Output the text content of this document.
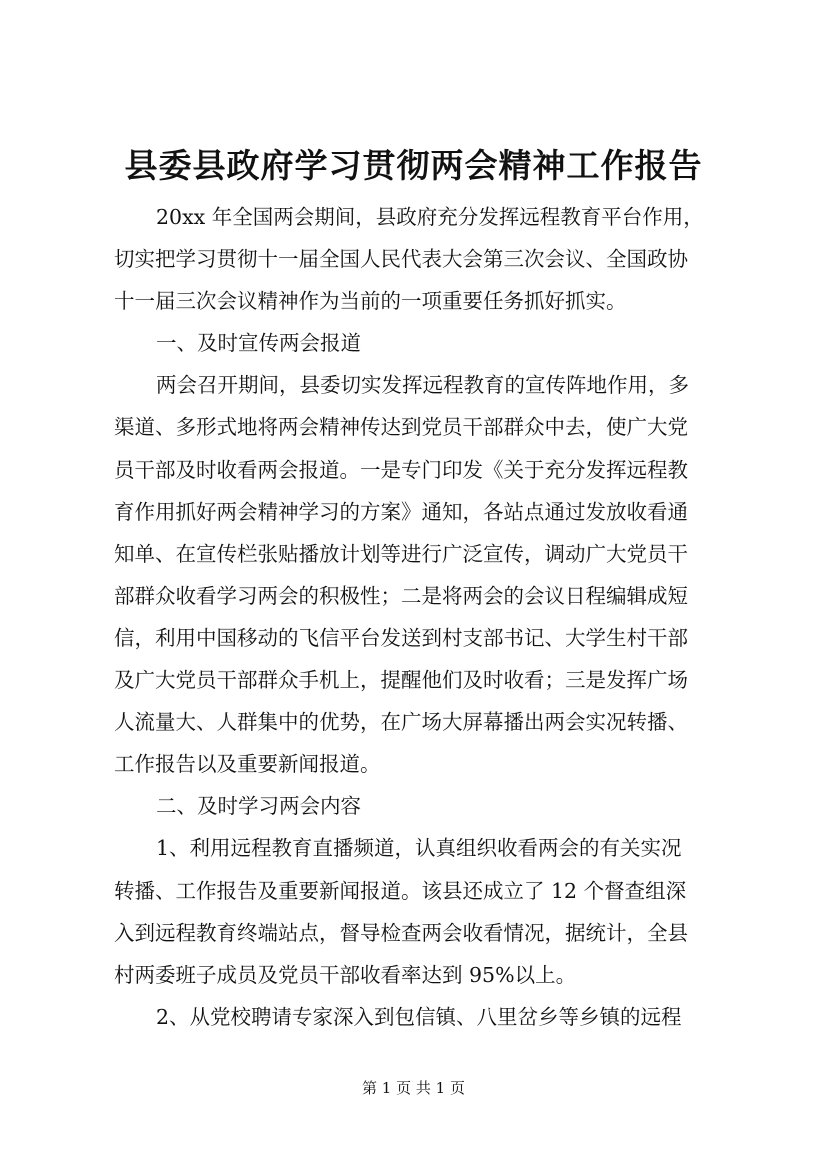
县委县政府学习贯彻两会精神工作报告
20xx 年全国两会期间，县政府充分发挥远程教育平台作用，
切实把学习贯彻十一届全国人民代表大会第三次会议、全国政协
十一届三次会议精神作为当前的一项重要任务抓好抓实。
一、及时宣传两会报道
两会召开期间，县委切实发挥远程教育的宣传阵地作用，多
渠道、多形式地将两会精神传达到党员干部群众中去，使广大党
员干部及时收看两会报道。一是专门印发《关于充分发挥远程教
育作用抓好两会精神学习的方案》通知，各站点通过发放收看通
知单、在宣传栏张贴播放计划等进行广泛宣传，调动广大党员干
部群众收看学习两会的积极性；二是将两会的会议日程编辑成短
信，利用中国移动的飞信平台发送到村支部书记、大学生村干部
及广大党员干部群众手机上，提醒他们及时收看；三是发挥广场
人流量大、人群集中的优势，在广场大屏幕播出两会实况转播、
工作报告以及重要新闻报道。
二、及时学习两会内容
1、利用远程教育直播频道，认真组织收看两会的有关实况
转播、工作报告及重要新闻报道。该县还成立了 12 个督查组深
入到远程教育终端站点，督导检查两会收看情况，据统计，全县
村两委班子成员及党员干部收看率达到 95%以上。
2、从党校聘请专家深入到包信镇、八里岔乡等乡镇的远程
第 1 页 共 1 页
